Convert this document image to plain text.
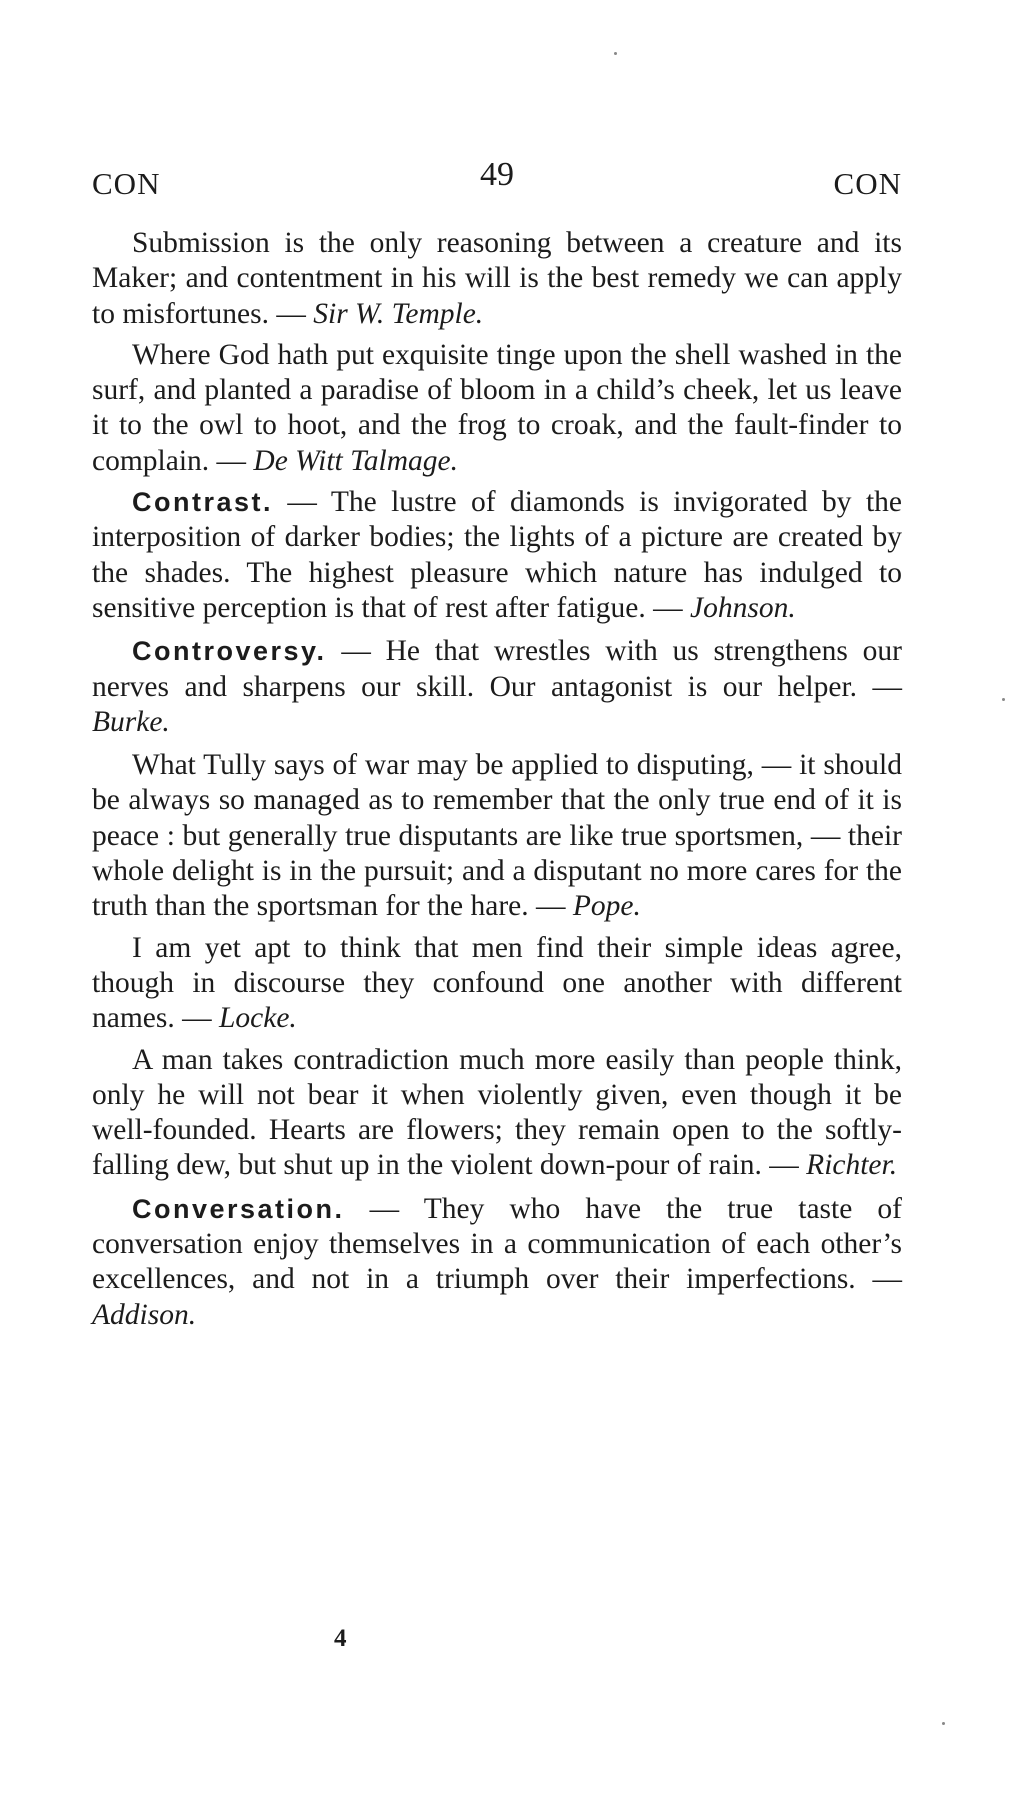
CON	49	CON

Submission is the only reasoning between a creature and its Maker; and contentment in his will is the best remedy we can apply to misfortunes. — Sir W. Temple.

Where God hath put exquisite tinge upon the shell washed in the surf, and planted a paradise of bloom in a child’s cheek, let us leave it to the owl to hoot, and the frog to croak, and the fault-finder to complain. — De Witt Talmage.

Contrast. — The lustre of diamonds is invigorated by the interposition of darker bodies; the lights of a picture are created by the shades. The highest pleasure which nature has indulged to sensitive perception is that of rest after fatigue. — Johnson.

Controversy. — He that wrestles with us strengthens our nerves and sharpens our skill. Our antagonist is our helper. — Burke.

What Tully says of war may be applied to disputing, — it should be always so managed as to remember that the only true end of it is peace : but generally true disputants are like true sportsmen, — their whole delight is in the pursuit; and a disputant no more cares for the truth than the sportsman for the hare. — Pope.

I am yet apt to think that men find their simple ideas agree, though in discourse they confound one another with different names. — Locke.

A man takes contradiction much more easily than people think, only he will not bear it when violently given, even though it be well-founded. Hearts are flowers; they remain open to the softly-falling dew, but shut up in the violent down-pour of rain. — Richter.

Conversation. — They who have the true taste of conversation enjoy themselves in a communication of each other’s excellences, and not in a triumph over their imperfections. — Addison.

4
